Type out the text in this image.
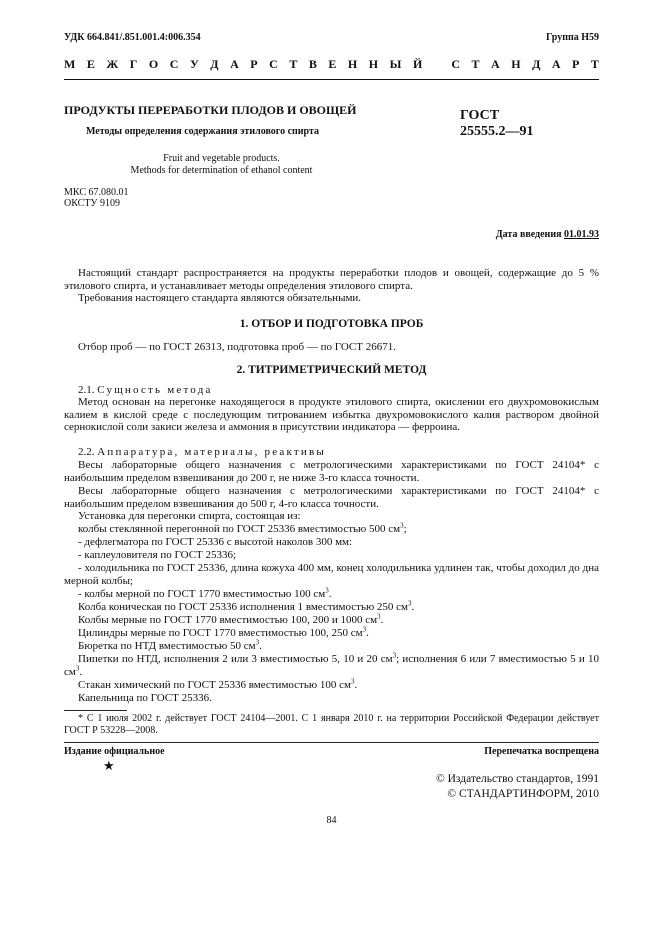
УДК 664.841/.851.001.4:006.354	Группа Н59
М Е Ж Г О С У Д А Р С Т В Е Н Н Ы Й С Т А Н Д А Р Т
ПРОДУКТЫ ПЕРЕРАБОТКИ ПЛОДОВ И ОВОЩЕЙ
Методы определения содержания этилового спирта
Fruit and vegetable products.
Methods for determination of ethanol content
ГОСТ
25555.2—91
МКС 67.080.01
ОКСТУ 9109
Дата введения 01.01.93
Настоящий стандарт распространяется на продукты переработки плодов и овощей, содержащие до 5 % этилового спирта, и устанавливает методы определения этилового спирта.
Требования настоящего стандарта являются обязательными.
1. ОТБОР И ПОДГОТОВКА ПРОБ
Отбор проб — по ГОСТ 26313, подготовка проб — по ГОСТ 26671.
2. ТИТРИМЕТРИЧЕСКИЙ МЕТОД
2.1. Сущность метода
Метод основан на перегонке находящегося в продукте этилового спирта, окислении его двухромовокислым калием в кислой среде с последующим титрованием избытка двухромовокислого калия раствором двойной сернокислой соли закиси железа и аммония в присутствии индикатора — ферроина.
2.2. Аппаратура, материалы, реактивы
Весы лабораторные общего назначения с метрологическими характеристиками по ГОСТ 24104* с наибольшим пределом взвешивания до 200 г, не ниже 3-го класса точности.
Весы лабораторные общего назначения с метрологическими характеристиками по ГОСТ 24104* с наибольшим пределом взвешивания до 500 г, 4-го класса точности.
Установка для перегонки спирта, состоящая из:
колбы стеклянной перегонной по ГОСТ 25336 вместимостью 500 $см^3$;
- дефлегматора по ГОСТ 25336 с высотой наколов 300 мм:
- каплеуловителя по ГОСТ 25336;
- холодильника по ГОСТ 25336, длина кожуха 400 мм, конец холодильника удлинен так, чтобы доходил до дна мерной колбы;
- колбы мерной по ГОСТ 1770 вместимостью 100 $см^3$.
Колба коническая по ГОСТ 25336 исполнения 1 вместимостью 250 $см^3$.
Колбы мерные по ГОСТ 1770 вместимостью 100, 200 и 1000 $см^3$.
Цилиндры мерные по ГОСТ 1770 вместимостью 100, 250 $см^3$.
Бюретка по НТД вместимостью 50 $см^3$.
Пипетки по НТД, исполнения 2 или 3 вместимостью 5, 10 и 20 $см^3$; исполнения 6 или 7 вместимостью 5 и 10 $см^3$.
Стакан химический по ГОСТ 25336 вместимостью 100 $см^3$.
Капельница по ГОСТ 25336.
* С 1 июля 2002 г. действует ГОСТ 24104—2001. С 1 января 2010 г. на территории Российской Федерации действует ГОСТ Р 53228—2008.
Издание официальное	Перепечатка воспрещена
★
© Издательство стандартов, 1991
© СТАНДАРТИНФОРМ, 2010
84
